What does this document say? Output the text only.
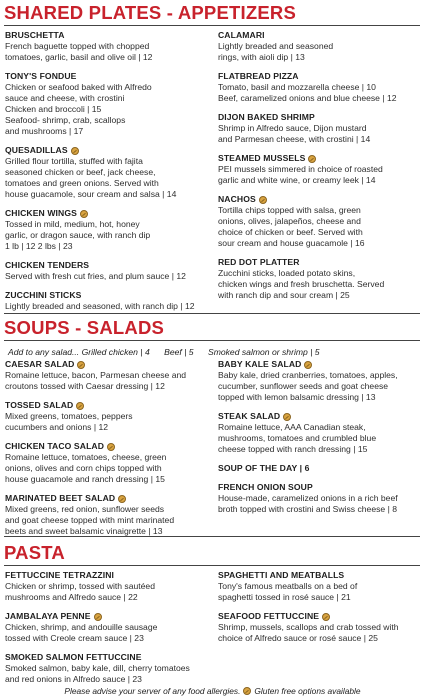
SHARED PLATES - APPETIZERS
BRUSCHETTA
French baguette topped with chopped
tomatoes, garlic, basil and olive oil | 12
TONY'S FONDUE
Chicken or seafood baked with Alfredo
sauce and cheese, with crostini
Chicken and broccoli | 15
Seafood- shrimp, crab, scallops
and mushrooms | 17
QUESADILLAS
Grilled flour tortilla, stuffed with fajita
seasoned chicken or beef, jack cheese,
tomatoes and green onions. Served with
house guacamole, sour cream and salsa | 14
CHICKEN WINGS
Tossed in mild, medium, hot, honey
garlic, or dragon sauce, with ranch dip
1 lb | 12 2 lbs | 23
CHICKEN TENDERS
Served with fresh cut fries, and plum sauce | 12
ZUCCHINI STICKS
Lightly breaded and seasoned, with ranch dip | 12
CALAMARI
Lightly breaded and seasoned
rings, with aioli dip | 13
FLATBREAD PIZZA
Tomato, basil and mozzarella cheese | 10
Beef, caramelized onions and blue cheese | 12
DIJON BAKED SHRIMP
Shrimp in Alfredo sauce, Dijon mustard
and Parmesan cheese, with crostini | 14
STEAMED MUSSELS
PEI mussels simmered in choice of roasted
garlic and white wine, or creamy leek | 14
NACHOS
Tortilla chips topped with salsa, green
onions, olives, jalapeños, cheese and
choice of chicken or beef. Served with
sour cream and house guacamole | 16
RED DOT PLATTER
Zucchini sticks, loaded potato skins,
chicken wings and fresh bruschetta. Served
with ranch dip and sour cream | 25
SOUPS - SALADS
Add to any salad... Grilled chicken | 4 Beef | 5 Smoked salmon or shrimp | 5
CAESAR SALAD
Romaine lettuce, bacon, Parmesan cheese and
croutons tossed with Caesar dressing | 12
TOSSED SALAD
Mixed greens, tomatoes, peppers
cucumbers and onions | 12
CHICKEN TACO SALAD
Romaine lettuce, tomatoes, cheese, green
onions, olives and corn chips topped with
house guacamole and ranch dressing | 15
MARINATED BEET SALAD
Mixed greens, red onion, sunflower seeds
and goat cheese topped with mint marinated
beets and sweet balsamic vinaigrette | 13
BABY KALE SALAD
Baby kale, dried cranberries, tomatoes, apples,
cucumber, sunflower seeds and goat cheese
topped with lemon balsamic dressing | 13
STEAK SALAD
Romaine lettuce, AAA Canadian steak,
mushrooms, tomatoes and crumbled blue
cheese topped with ranch dressing | 15
SOUP OF THE DAY | 6
FRENCH ONION SOUP
House-made, caramelized onions in a rich beef
broth topped with crostini and Swiss cheese | 8
PASTA
FETTUCCINE TETRAZZINI
Chicken or shrimp, tossed with sautéed
mushrooms and Alfredo sauce | 22
JAMBALAYA PENNE
Chicken, shrimp, and andouille sausage
tossed with Creole cream sauce | 23
SMOKED SALMON FETTUCCINE
Smoked salmon, baby kale, dill, cherry tomatoes
and red onions in Alfredo sauce | 23
SPAGHETTI AND MEATBALLS
Tony's famous meatballs on a bed of
spaghetti tossed in rosé sauce | 21
SEAFOOD FETTUCCINE
Shrimp, mussels, scallops and crab tossed with
choice of Alfredo sauce or rosé sauce | 25
Please advise your server of any food allergies. Gluten free options available
